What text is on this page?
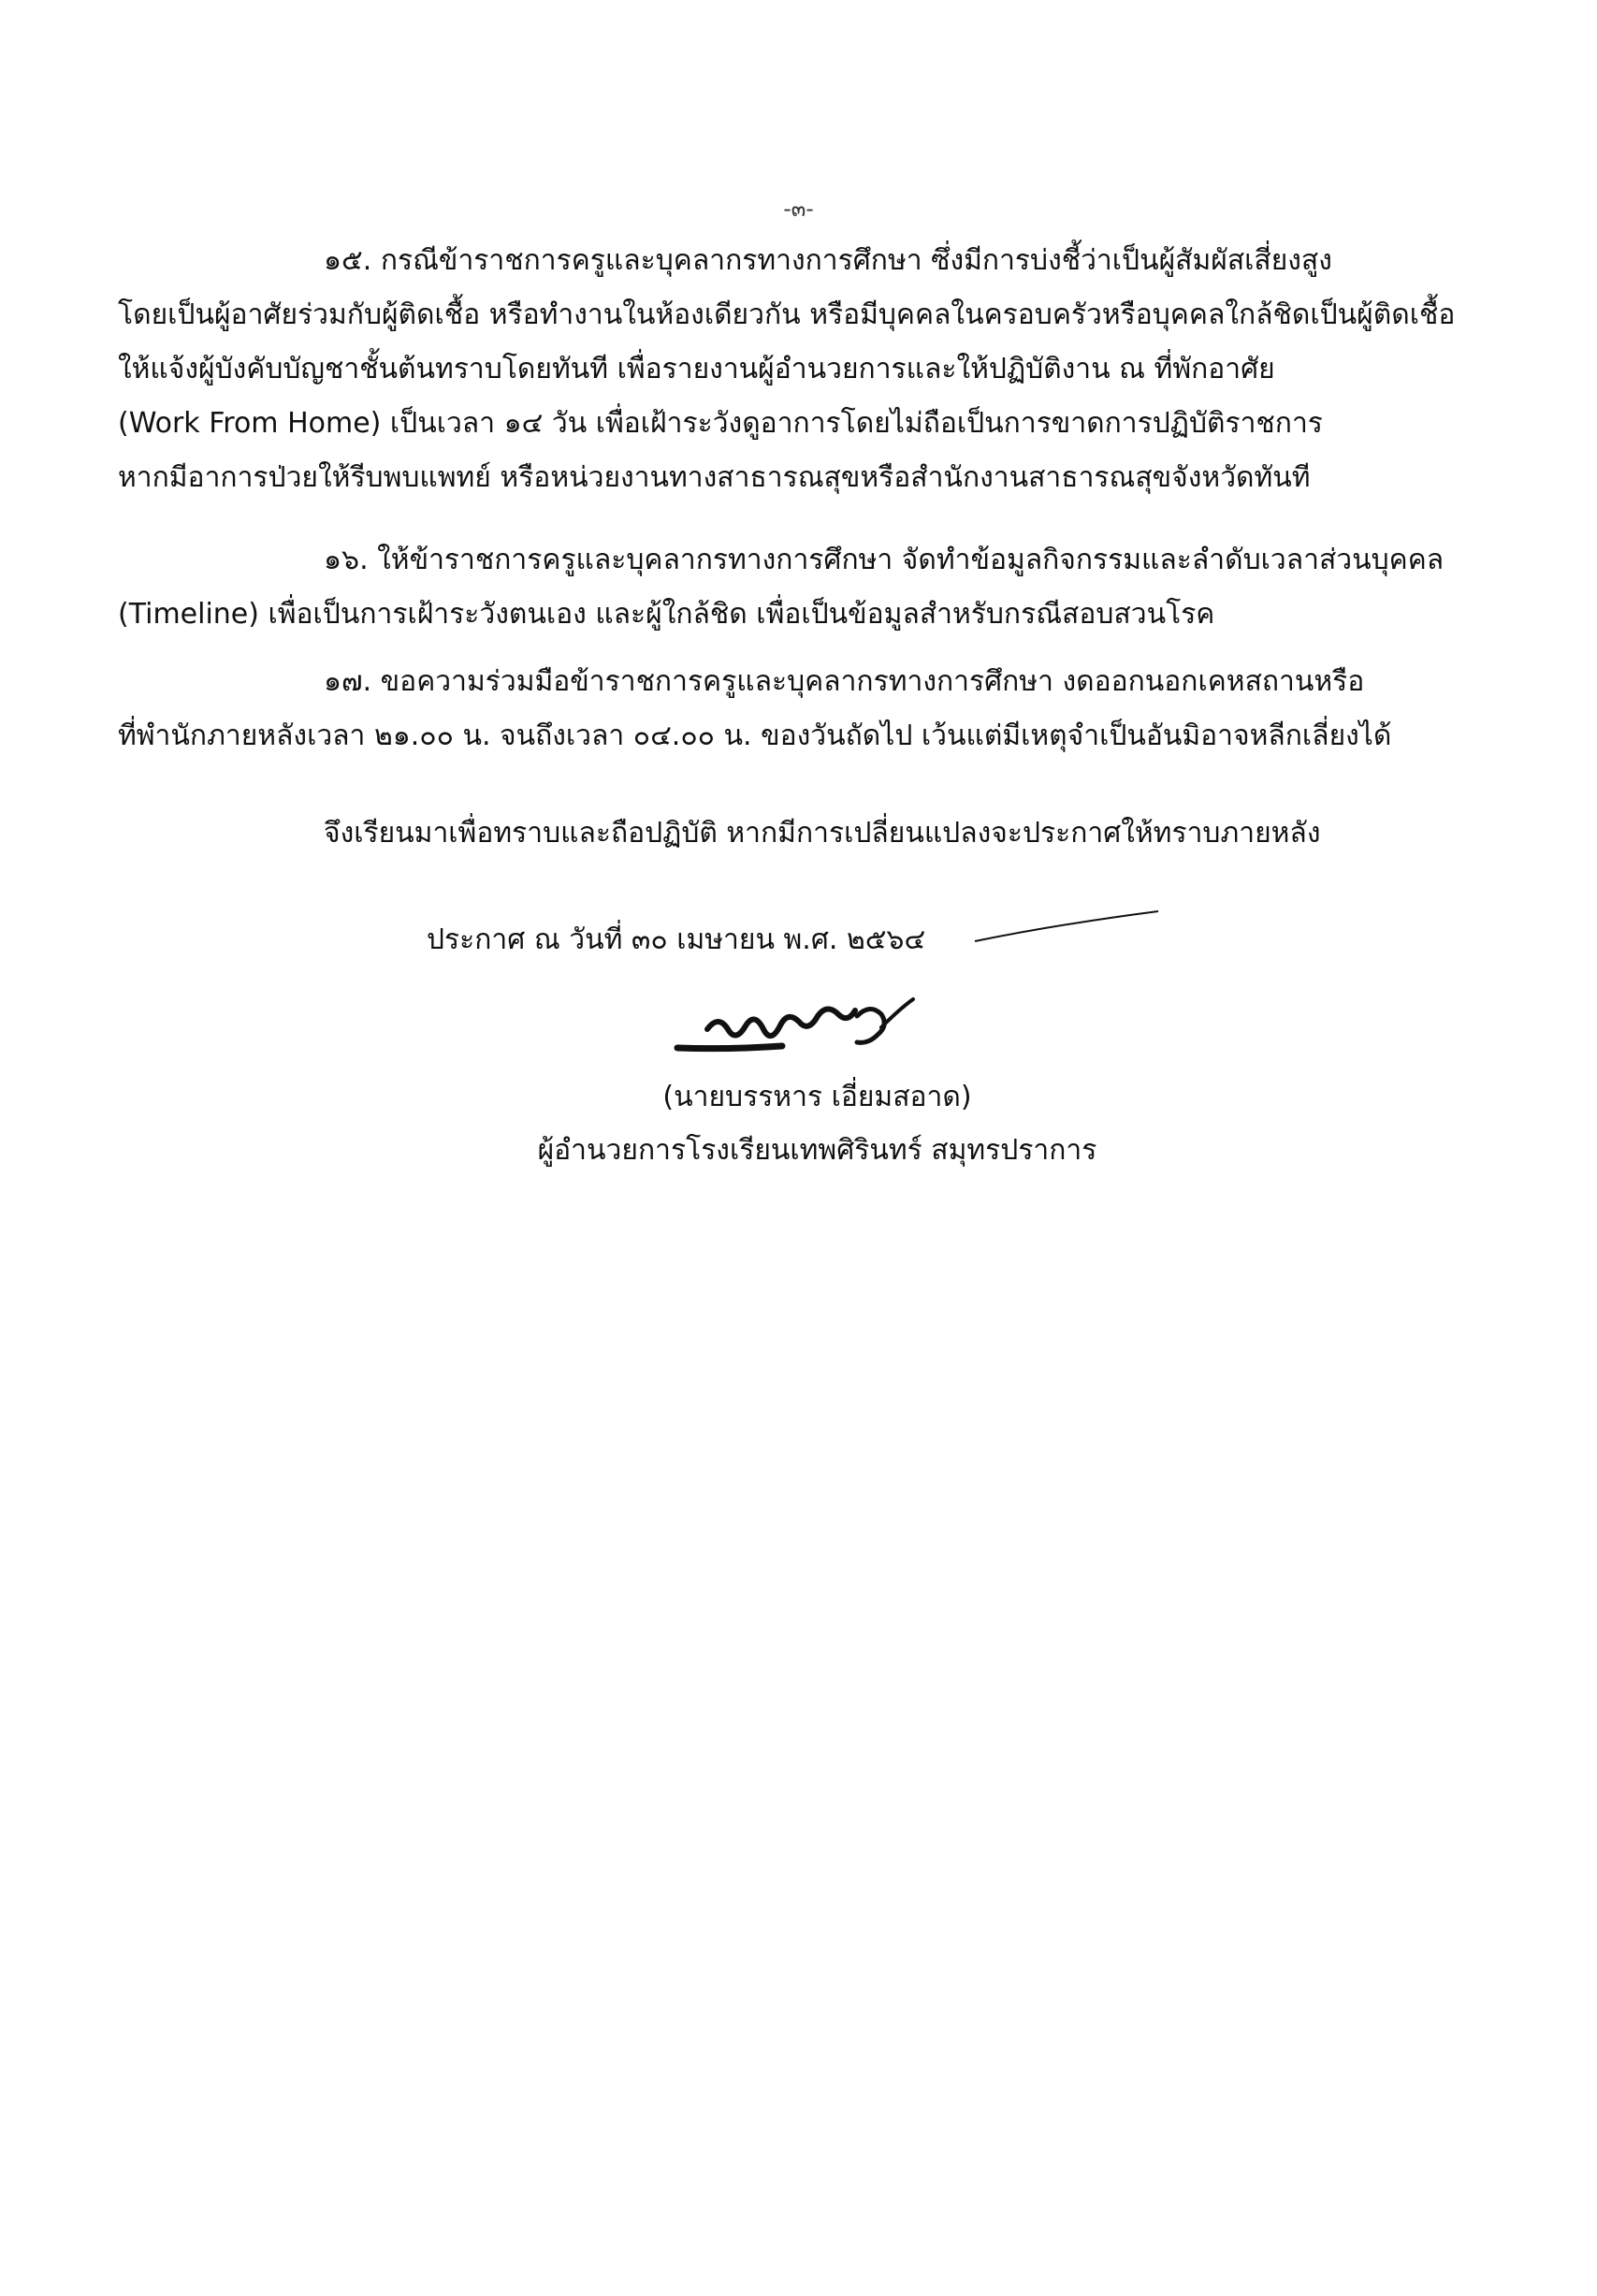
-๓-
๑๕. กรณีข้าราชการครูและบุคลากรทางการศึกษา ซึ่งมีการบ่งชี้ว่าเป็นผู้สัมผัสเสี่ยงสูง
โดยเป็นผู้อาศัยร่วมกับผู้ติดเชื้อ หรือทำงานในห้องเดียวกัน หรือมีบุคคลในครอบครัวหรือบุคคลใกล้ชิดเป็นผู้ติดเชื้อ
ให้แจ้งผู้บังคับบัญชาชั้นต้นทราบโดยทันที เพื่อรายงานผู้อำนวยการและให้ปฏิบัติงาน ณ ที่พักอาศัย
(Work From Home) เป็นเวลา ๑๔ วัน เพื่อเฝ้าระวังดูอาการโดยไม่ถือเป็นการขาดการปฏิบัติราชการ
หากมีอาการป่วยให้รีบพบแพทย์ หรือหน่วยงานทางสาธารณสุขหรือสำนักงานสาธารณสุขจังหวัดทันที
๑๖. ให้ข้าราชการครูและบุคลากรทางการศึกษา จัดทำข้อมูลกิจกรรมและลำดับเวลาส่วนบุคคล
(Timeline) เพื่อเป็นการเฝ้าระวังตนเอง และผู้ใกล้ชิด เพื่อเป็นข้อมูลสำหรับกรณีสอบสวนโรค
๑๗. ขอความร่วมมือข้าราชการครูและบุคลากรทางการศึกษา งดออกนอกเคหสถานหรือ
ที่พำนักภายหลังเวลา ๒๑.๐๐ น. จนถึงเวลา ๐๔.๐๐ น. ของวันถัดไป เว้นแต่มีเหตุจำเป็นอันมิอาจหลีกเลี่ยงได้
จึงเรียนมาเพื่อทราบและถือปฏิบัติ หากมีการเปลี่ยนแปลงจะประกาศให้ทราบภายหลัง
ประกาศ ณ วันที่ ๓๐ เมษายน พ.ศ. ๒๕๖๔
(นายบรรหาร เอี่ยมสอาด)
ผู้อำนวยการโรงเรียนเทพศิรินทร์ สมุทรปราการ
